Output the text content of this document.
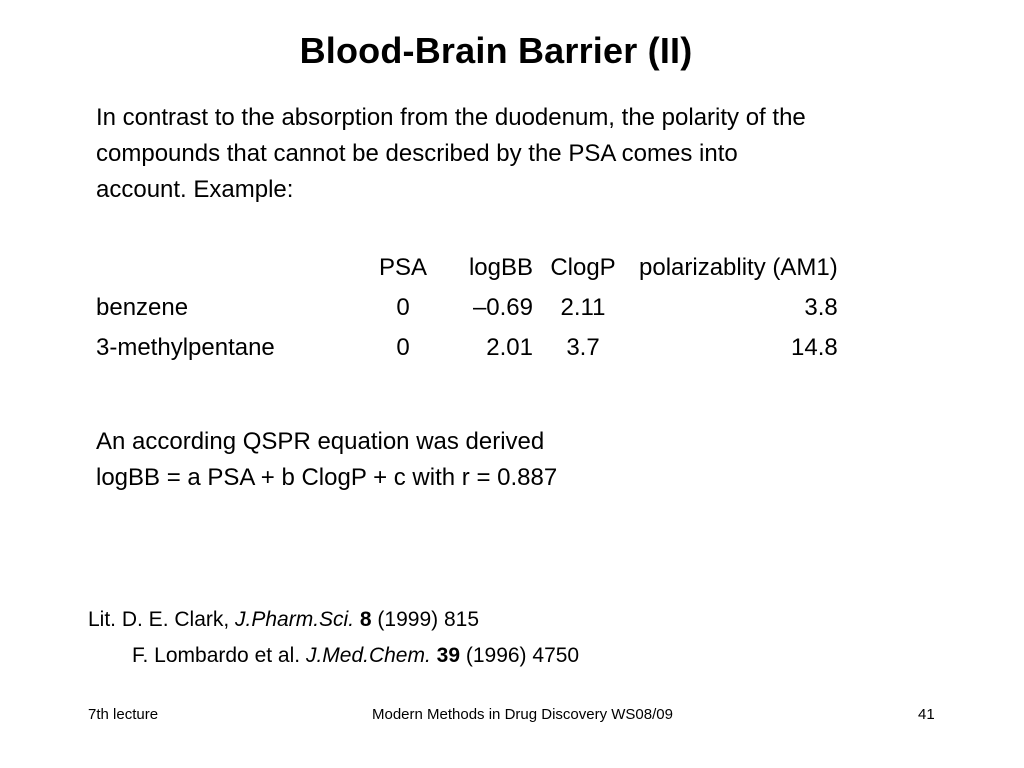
Blood-Brain Barrier (II)
In contrast to the absorption from the duodenum, the polarity of the
compounds that cannot be described by the PSA comes into
account. Example:
	PSA	logBB	ClogP	polarizablity (AM1)
benzene	0	–0.69	2.11	3.8
3-methylpentane	0	2.01	3.7	14.8
An according QSPR equation was derived
logBB = a PSA + b ClogP + c with r = 0.887
Lit. D. E. Clark, J.Pharm.Sci. 8 (1999) 815
F. Lombardo et al. J.Med.Chem. 39 (1996) 4750
7th lecture	Modern Methods in Drug Discovery WS08/09	41
